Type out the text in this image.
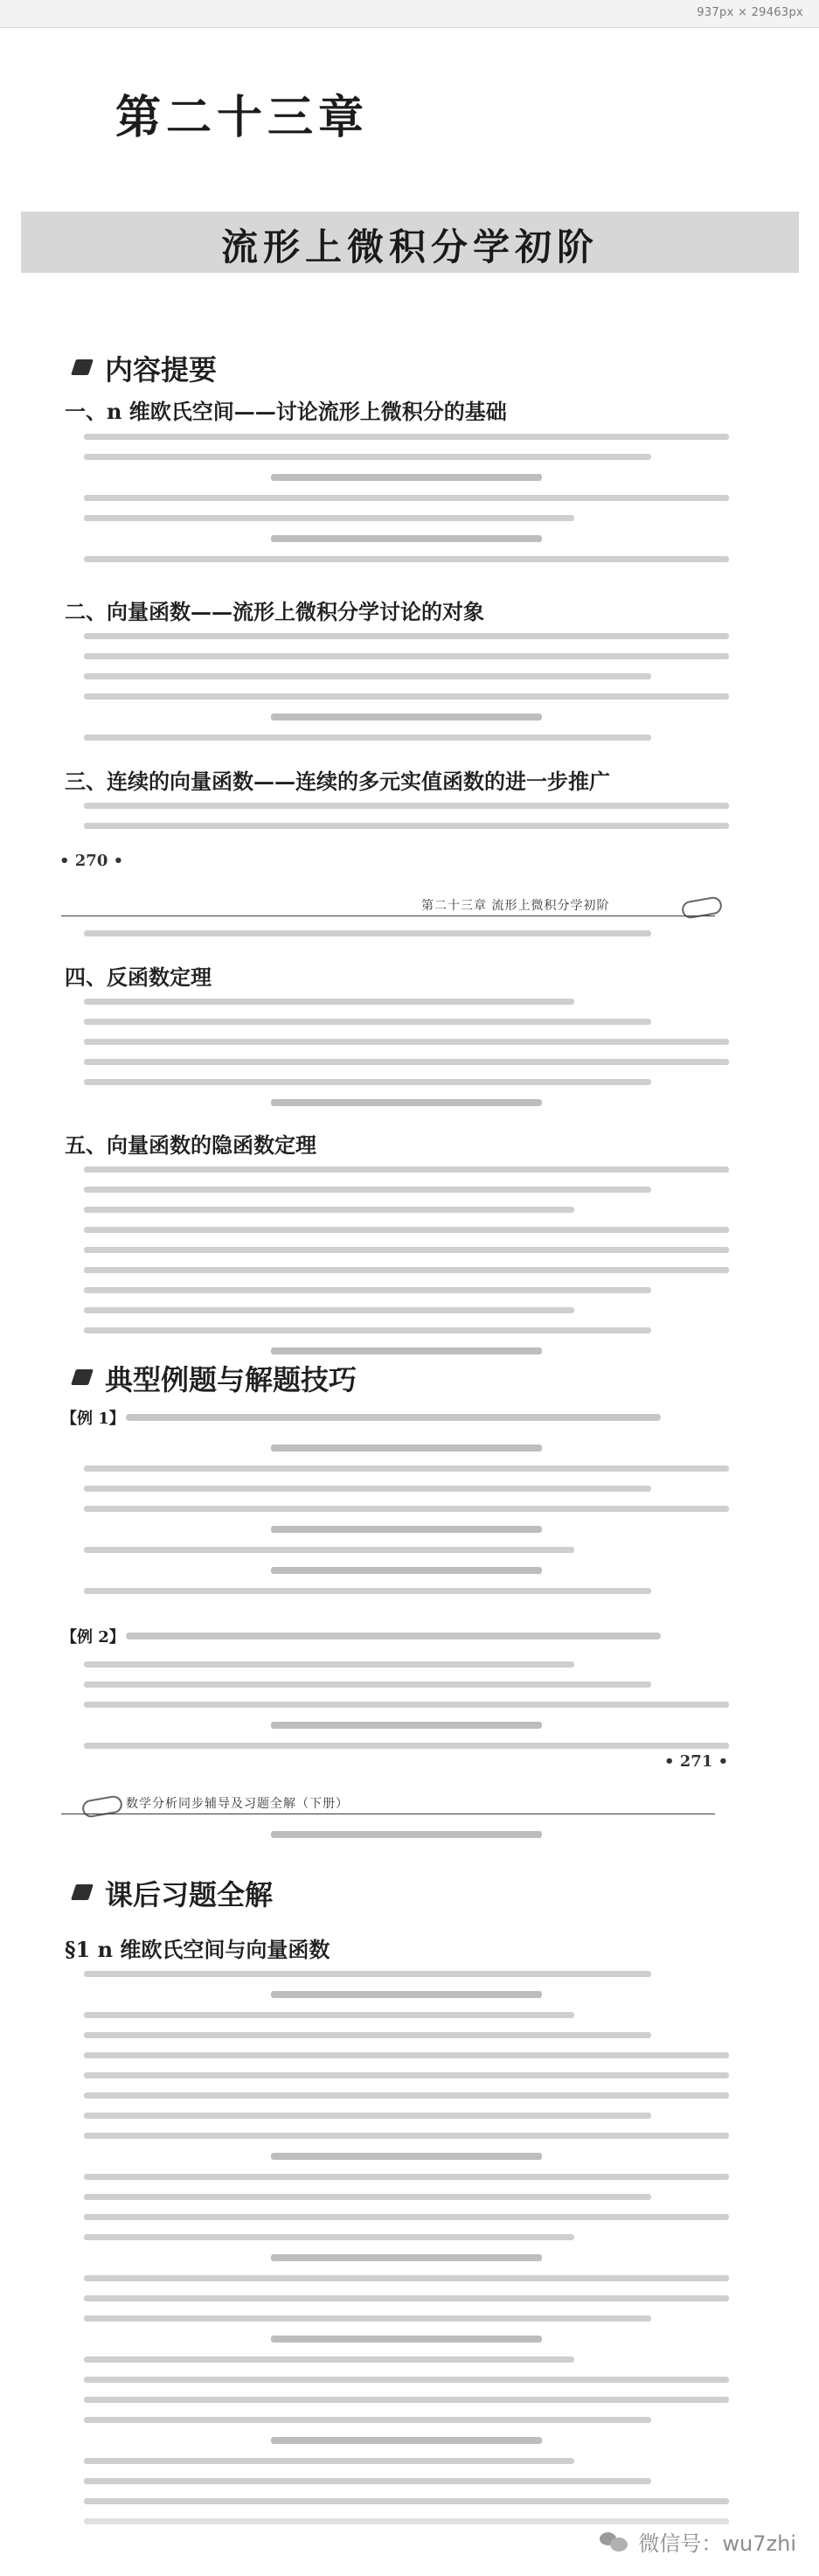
937px × 29463px
第二十三章
流形上微积分学初阶
内容提要
一、n 维欧氏空间——讨论流形上微积分的基础
二、向量函数——流形上微积分学讨论的对象
三、连续的向量函数——连续的多元实值函数的进一步推广
• 270 •
第二十三章 流形上微积分学初阶
四、反函数定理
五、向量函数的隐函数定理
典型例题与解题技巧
【例 1】
【例 2】
• 271 •
数学分析同步辅导及习题全解（下册）
课后习题全解
§1 n 维欧氏空间与向量函数
微信号：wu7zhi
